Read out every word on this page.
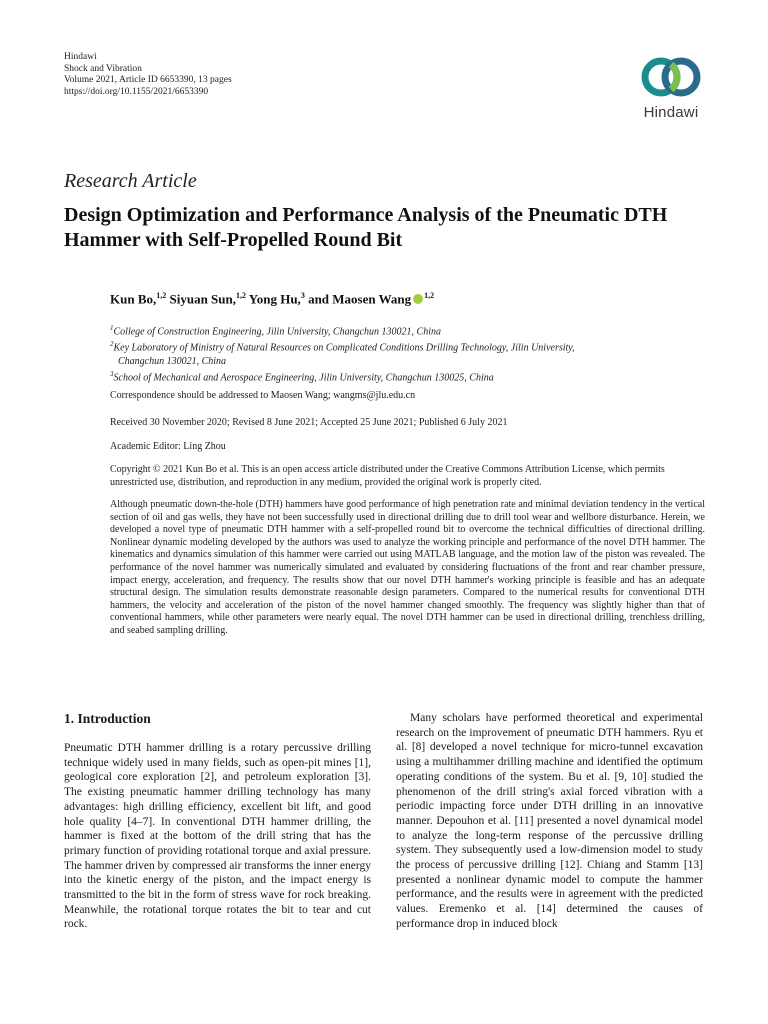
Hindawi
Shock and Vibration
Volume 2021, Article ID 6653390, 13 pages
https://doi.org/10.1155/2021/6653390
Hindawi
Research Article
Design Optimization and Performance Analysis of the Pneumatic DTH Hammer with Self-Propelled Round Bit
Kun Bo,$^{1,2}$ Siyuan Sun,$^{1,2}$ Yong Hu,$^3$ and Maosen Wang $^{1,2}$
$^1$College of Construction Engineering, Jilin University, Changchun 130021, China
$^2$Key Laboratory of Ministry of Natural Resources on Complicated Conditions Drilling Technology, Jilin University,
Changchun 130021, China
$^3$School of Mechanical and Aerospace Engineering, Jilin University, Changchun 130025, China
Correspondence should be addressed to Maosen Wang; wangms@jlu.edu.cn
Received 30 November 2020; Revised 8 June 2021; Accepted 25 June 2021; Published 6 July 2021
Academic Editor: Ling Zhou
Copyright © 2021 Kun Bo et al. This is an open access article distributed under the Creative Commons Attribution License, which permits unrestricted use, distribution, and reproduction in any medium, provided the original work is properly cited.
Although pneumatic down-the-hole (DTH) hammers have good performance of high penetration rate and minimal deviation tendency in the vertical section of oil and gas wells, they have not been successfully used in directional drilling due to drill tool wear and wellbore disturbance. Herein, we developed a novel type of pneumatic DTH hammer with a self-propelled round bit to overcome the technical difficulties of directional drilling. Nonlinear dynamic modeling developed by the authors was used to analyze the working principle and performance of the novel DTH hammer. The kinematics and dynamics simulation of this hammer were carried out using MATLAB language, and the motion law of the piston was revealed. The performance of the novel hammer was numerically simulated and evaluated by considering fluctuations of the front and rear chamber pressure, impact energy, acceleration, and frequency. The results show that our novel DTH hammer's working principle is feasible and has an adequate structural design. The simulation results demonstrate reasonable design parameters. Compared to the numerical results for conventional DTH hammers, the velocity and acceleration of the piston of the novel hammer changed smoothly. The frequency was slightly higher than that of conventional hammers, while other parameters were nearly equal. The novel DTH hammer can be used in directional drilling, trenchless drilling, and seabed sampling drilling.
1. Introduction

Pneumatic DTH hammer drilling is a rotary percussive drilling technique widely used in many fields, such as open-pit mines [1], geological core exploration [2], and petroleum exploration [3]. The existing pneumatic hammer drilling technology has many advantages: high drilling efficiency, excellent bit lift, and good hole quality [4–7]. In conventional DTH hammer drilling, the hammer is fixed at the bottom of the drill string that has the primary function of providing rotational torque and axial pressure. The hammer driven by compressed air transforms the inner energy into the kinetic energy of the piston, and the impact energy is transmitted to the bit in the form of stress wave for rock breaking. Meanwhile, the rotational torque rotates the bit to tear and cut rock.

Many scholars have performed theoretical and experimental research on the improvement of pneumatic DTH hammers. Ryu et al. [8] developed a novel technique for micro-tunnel excavation using a multihammer drilling machine and identified the optimum operating conditions of the system. Bu et al. [9, 10] studied the phenomenon of the drill string's axial forced vibration with a periodic impacting force under DTH drilling in an innovative manner. Depouhon et al. [11] presented a novel dynamical model to analyze the long-term response of the percussive drilling system. They subsequently used a low-dimension model to study the process of percussive drilling [12]. Chiang and Stamm [13] presented a nonlinear dynamic model to compute the hammer performance, and the results were in agreement with the predicted values. Eremenko et al. [14] determined the causes of performance drop in induced block
